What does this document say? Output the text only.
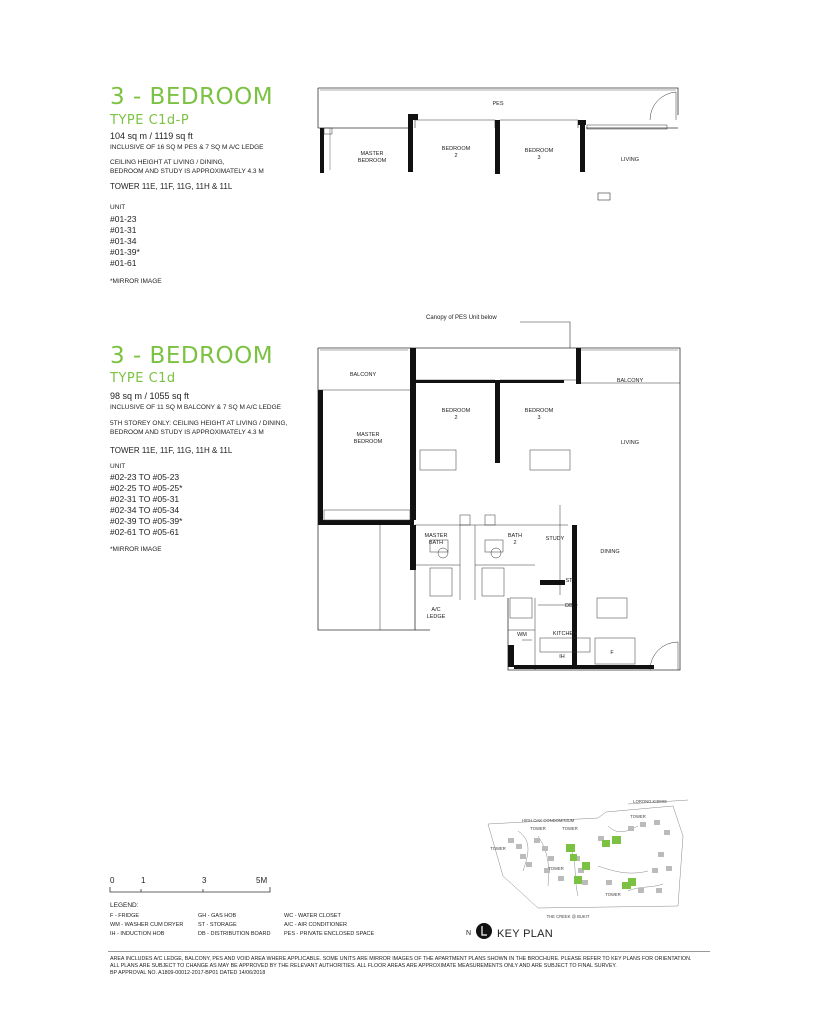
3 - BEDROOM
TYPE C1d-P
104 sq m / 1119 sq ft
INCLUSIVE OF 16 SQ M PES & 7 SQ M A/C LEDGE
CEILING HEIGHT AT LIVING / DINING,
BEDROOM AND STUDY IS APPROXIMATELY 4.3 M
TOWER 11E, 11F, 11G, 11H & 11L
UNIT
#01-23
#01-31
#01-34
#01-39*
#01-61
*MIRROR IMAGE
PES
MASTER
BEDROOM
BEDROOM
2
BEDROOM
3	LIVING
3 - BEDROOM
TYPE C1d
98 sq m / 1055 sq ft
INCLUSIVE OF 11 SQ M BALCONY & 7 SQ M A/C LEDGE
5TH STOREY ONLY: CEILING HEIGHT AT LIVING / DINING,
BEDROOM AND STUDY IS APPROXIMATELY 4.3 M
TOWER 11E, 11F, 11G, 11H & 11L
UNIT
#02-23 TO #05-23
#02-25 TO #05-25*
#02-31 TO #05-31
#02-34 TO #05-34
#02-39 TO #05-39*
#02-61 TO #05-61
*MIRROR IMAGE
Canopy of PES Unit below
BALCONY
MASTER
BEDROOM
BEDROOM
2
BEDROOM
3
BALCONY
LIVING
MASTER
BATH
BATH
2
STUDY
DINING
ST
DB
A/C
LEDGE
WM	KITCHEN
IH
F
0	1	3	5M
LEGEND:
F - FRIDGE
WM - WASHER CUM DRYER
IH - INDUCTION HOB
GH - GAS HOB
ST - STORAGE
DB - DISTRIBUTION BOARD
WC - WATER CLOSET
A/C - AIR CONDITIONER
PES - PRIVATE ENCLOSED SPACE
LORONG KISMIS
HIGH OAK CONDOMINIUM
TOWER	TOWER
TOWER
TOWER
TOWER
TOWER
THE CREEK @ BUKIT
N KEY PLAN
AREA INCLUDES A/C LEDGE, BALCONY, PES AND VOID AREA WHERE APPLICABLE. SOME UNITS ARE MIRROR IMAGES OF THE APARTMENT PLANS SHOWN IN THE BROCHURE. PLEASE REFER TO KEY PLANS FOR ORIENTATION.
ALL PLANS ARE SUBJECT TO CHANGE AS MAY BE APPROVED BY THE RELEVANT AUTHORITIES. ALL FLOOR AREAS ARE APPROXIMATE MEASUREMENTS ONLY AND ARE SUBJECT TO FINAL SURVEY.
BP APPROVAL NO. A1809-00012-2017-BP01 DATED 14/06/2018
